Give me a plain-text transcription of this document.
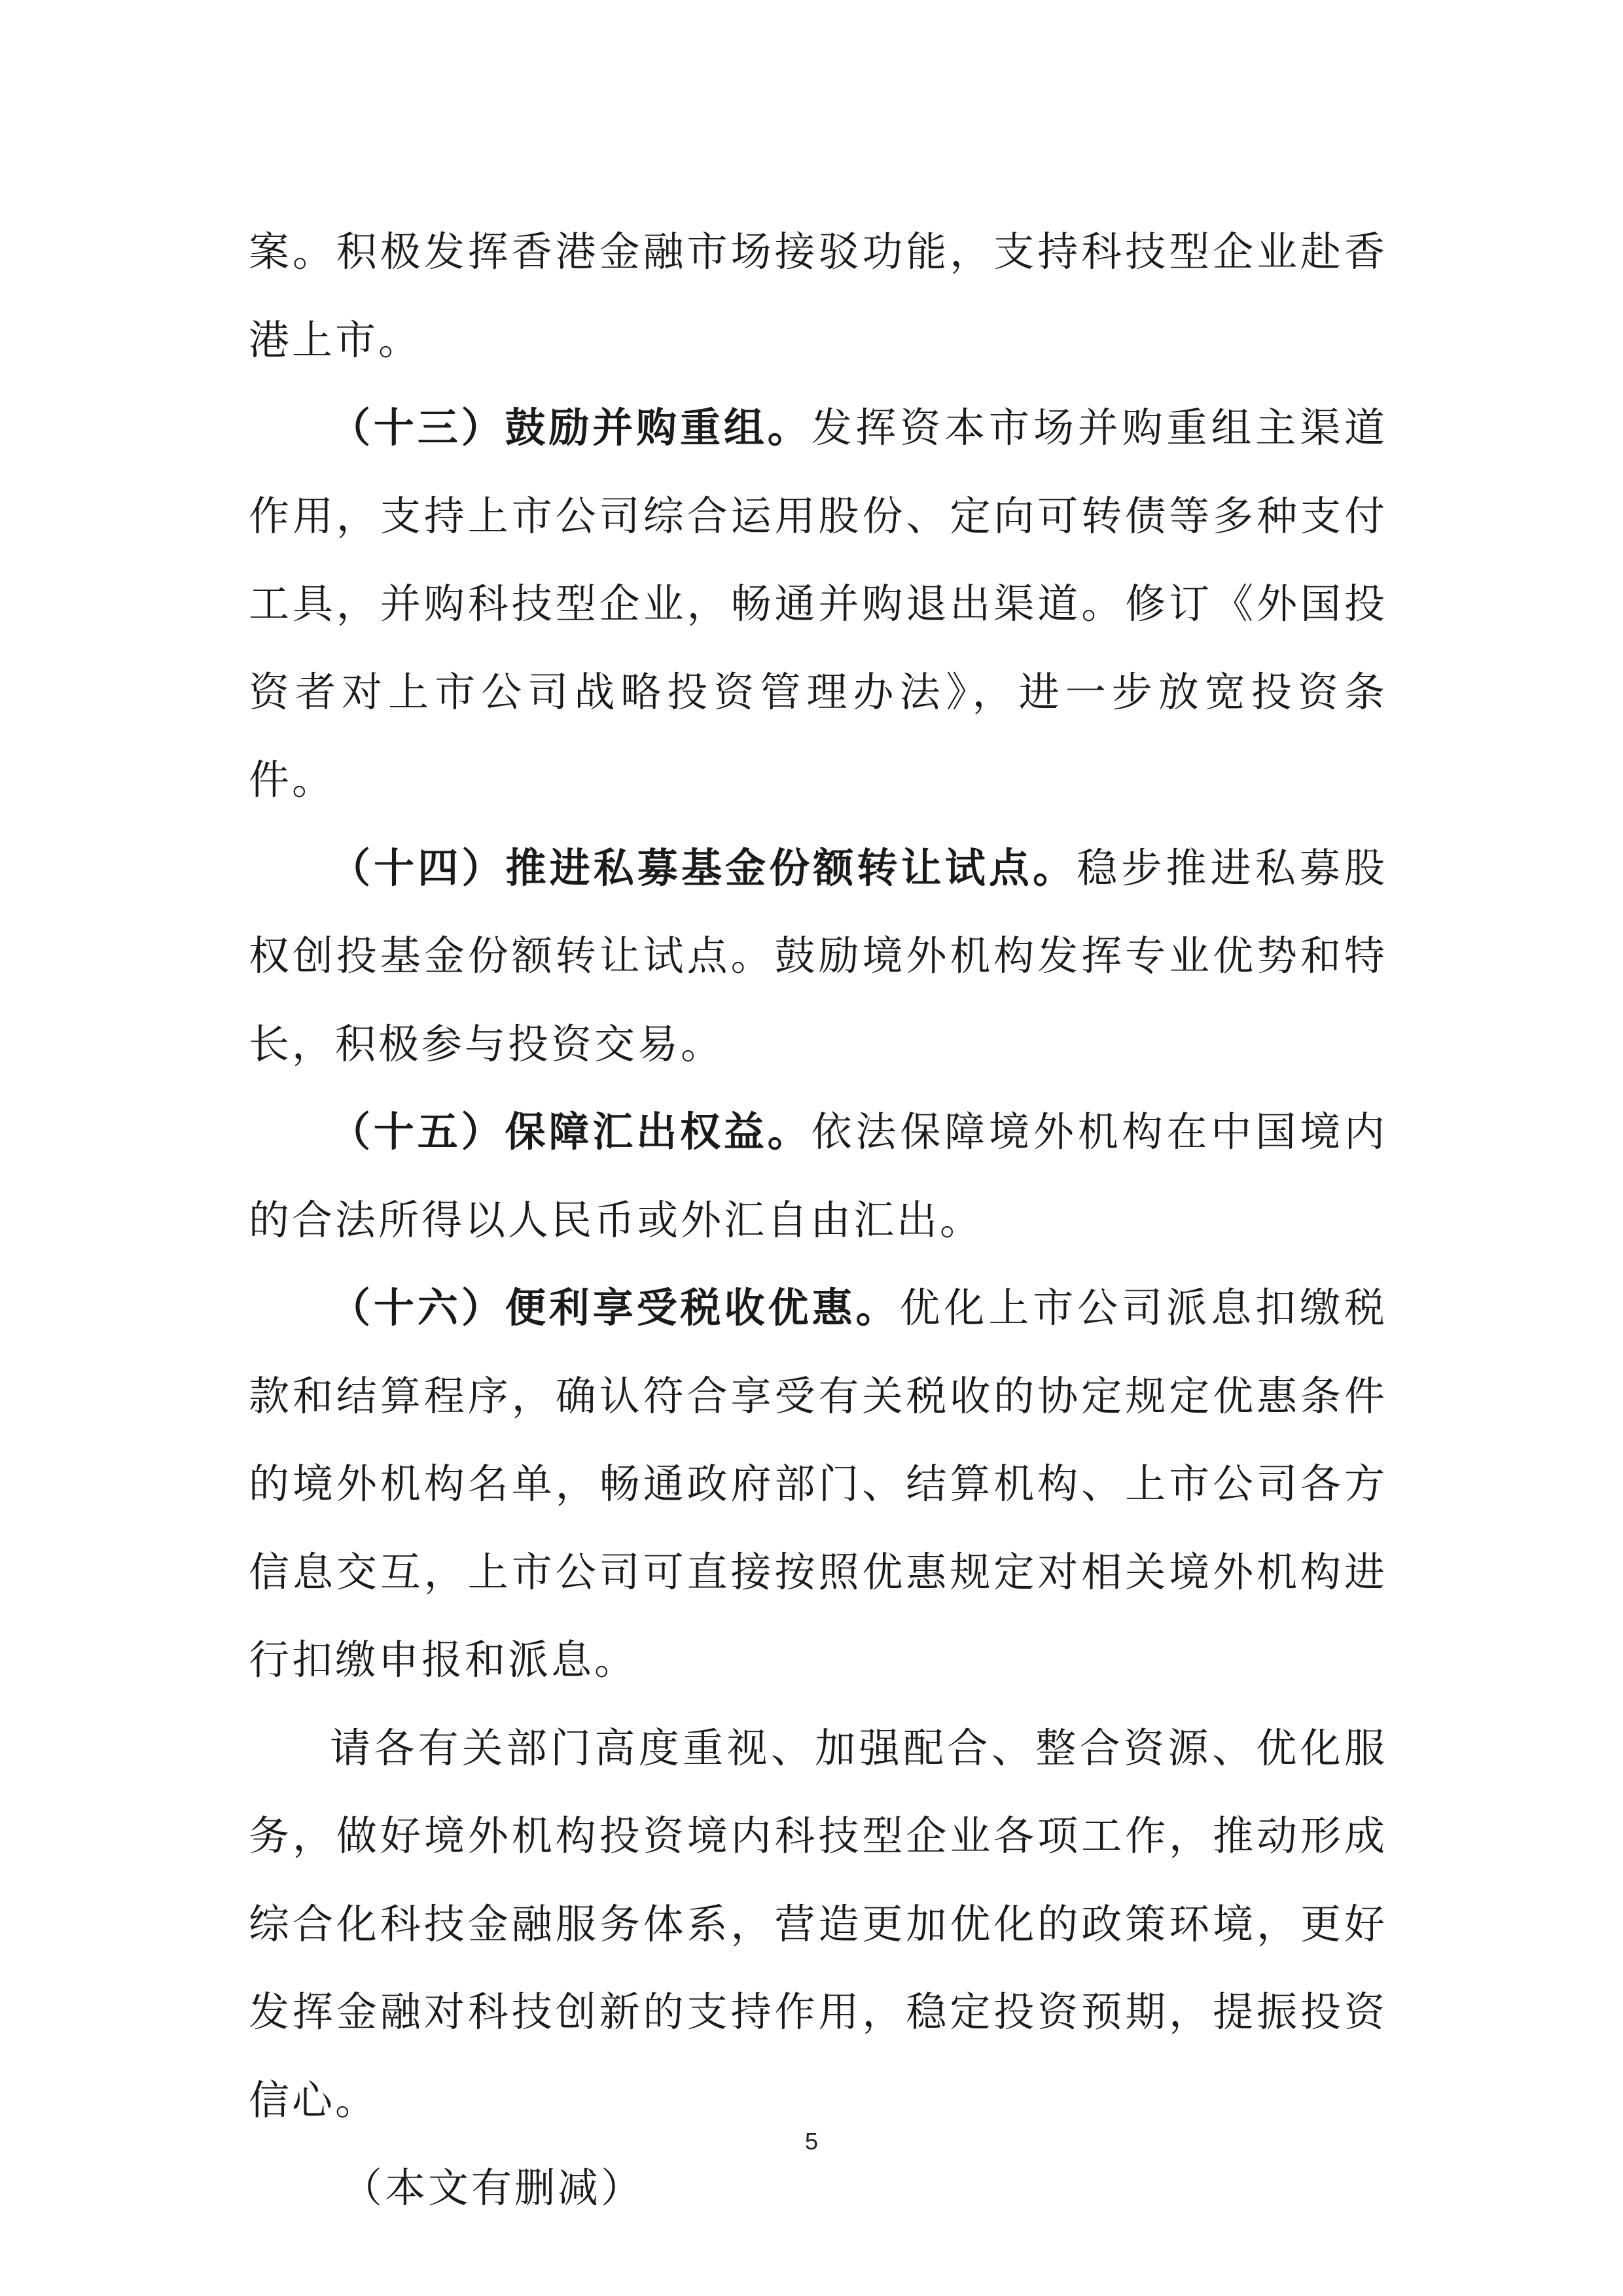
案。积极发挥香港金融市场接驳功能，支持科技型企业赴香港上市。

（十三）鼓励并购重组。发挥资本市场并购重组主渠道作用，支持上市公司综合运用股份、定向可转债等多种支付工具，并购科技型企业，畅通并购退出渠道。修订《外国投资者对上市公司战略投资管理办法》，进一步放宽投资条件。

（十四）推进私募基金份额转让试点。稳步推进私募股权创投基金份额转让试点。鼓励境外机构发挥专业优势和特长，积极参与投资交易。

（十五）保障汇出权益。依法保障境外机构在中国境内的合法所得以人民币或外汇自由汇出。

（十六）便利享受税收优惠。优化上市公司派息扣缴税款和结算程序，确认符合享受有关税收的协定规定优惠条件的境外机构名单，畅通政府部门、结算机构、上市公司各方信息交互，上市公司可直接按照优惠规定对相关境外机构进行扣缴申报和派息。

请各有关部门高度重视、加强配合、整合资源、优化服务，做好境外机构投资境内科技型企业各项工作，推动形成综合化科技金融服务体系，营造更加优化的政策环境，更好发挥金融对科技创新的支持作用，稳定投资预期，提振投资信心。

（本文有删减）

5
